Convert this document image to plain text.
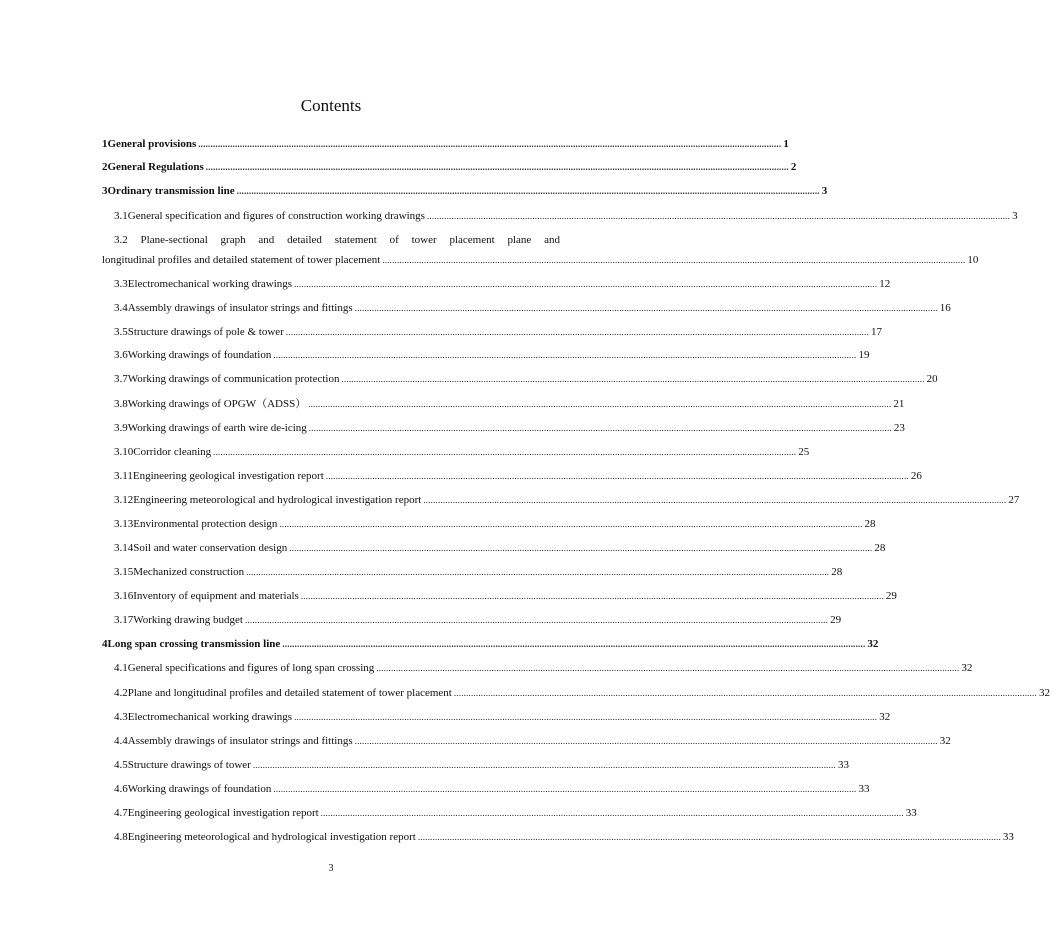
Contents
1 General provisions .....	1
2 General Regulations .....	2
3 Ordinary transmission line .....	3
3.1 General specification and figures of construction working drawings .....	3
3.2 Plane-sectional graph and detailed statement of tower placement plane and
longitudinal profiles and detailed statement of tower placement .....	10
3.3 Electromechanical working drawings .....	12
3.4 Assembly drawings of insulator strings and fittings .....	16
3.5 Structure drawings of pole & tower .....	17
3.6 Working drawings of foundation .....	19
3.7 Working drawings of communication protection .....	20
3.8 Working drawings of OPGW（ADSS） .....	21
3.9 Working drawings of earth wire de-icing .....	23
3.10 Corridor cleaning .....	25
3.11 Engineering geological investigation report .....	26
3.12 Engineering meteorological and hydrological investigation report .....	27
3.13 Environmental protection design .....	28
3.14 Soil and water conservation design .....	28
3.15 Mechanized construction .....	28
3.16 Inventory of equipment and materials .....	29
3.17 Working drawing budget .....	29
4 Long span crossing transmission line .....	32
4.1 General specifications and figures of long span crossing .....	32
4.2 Plane and longitudinal profiles and detailed statement of tower placement .....	32
4.3 Electromechanical working drawings .....	32
4.4 Assembly drawings of insulator strings and fittings .....	32
4.5 Structure drawings of tower .....	33
4.6 Working drawings of foundation .....	33
4.7 Engineering geological investigation report .....	33
4.8 Engineering meteorological and hydrological investigation report .....	33
3
